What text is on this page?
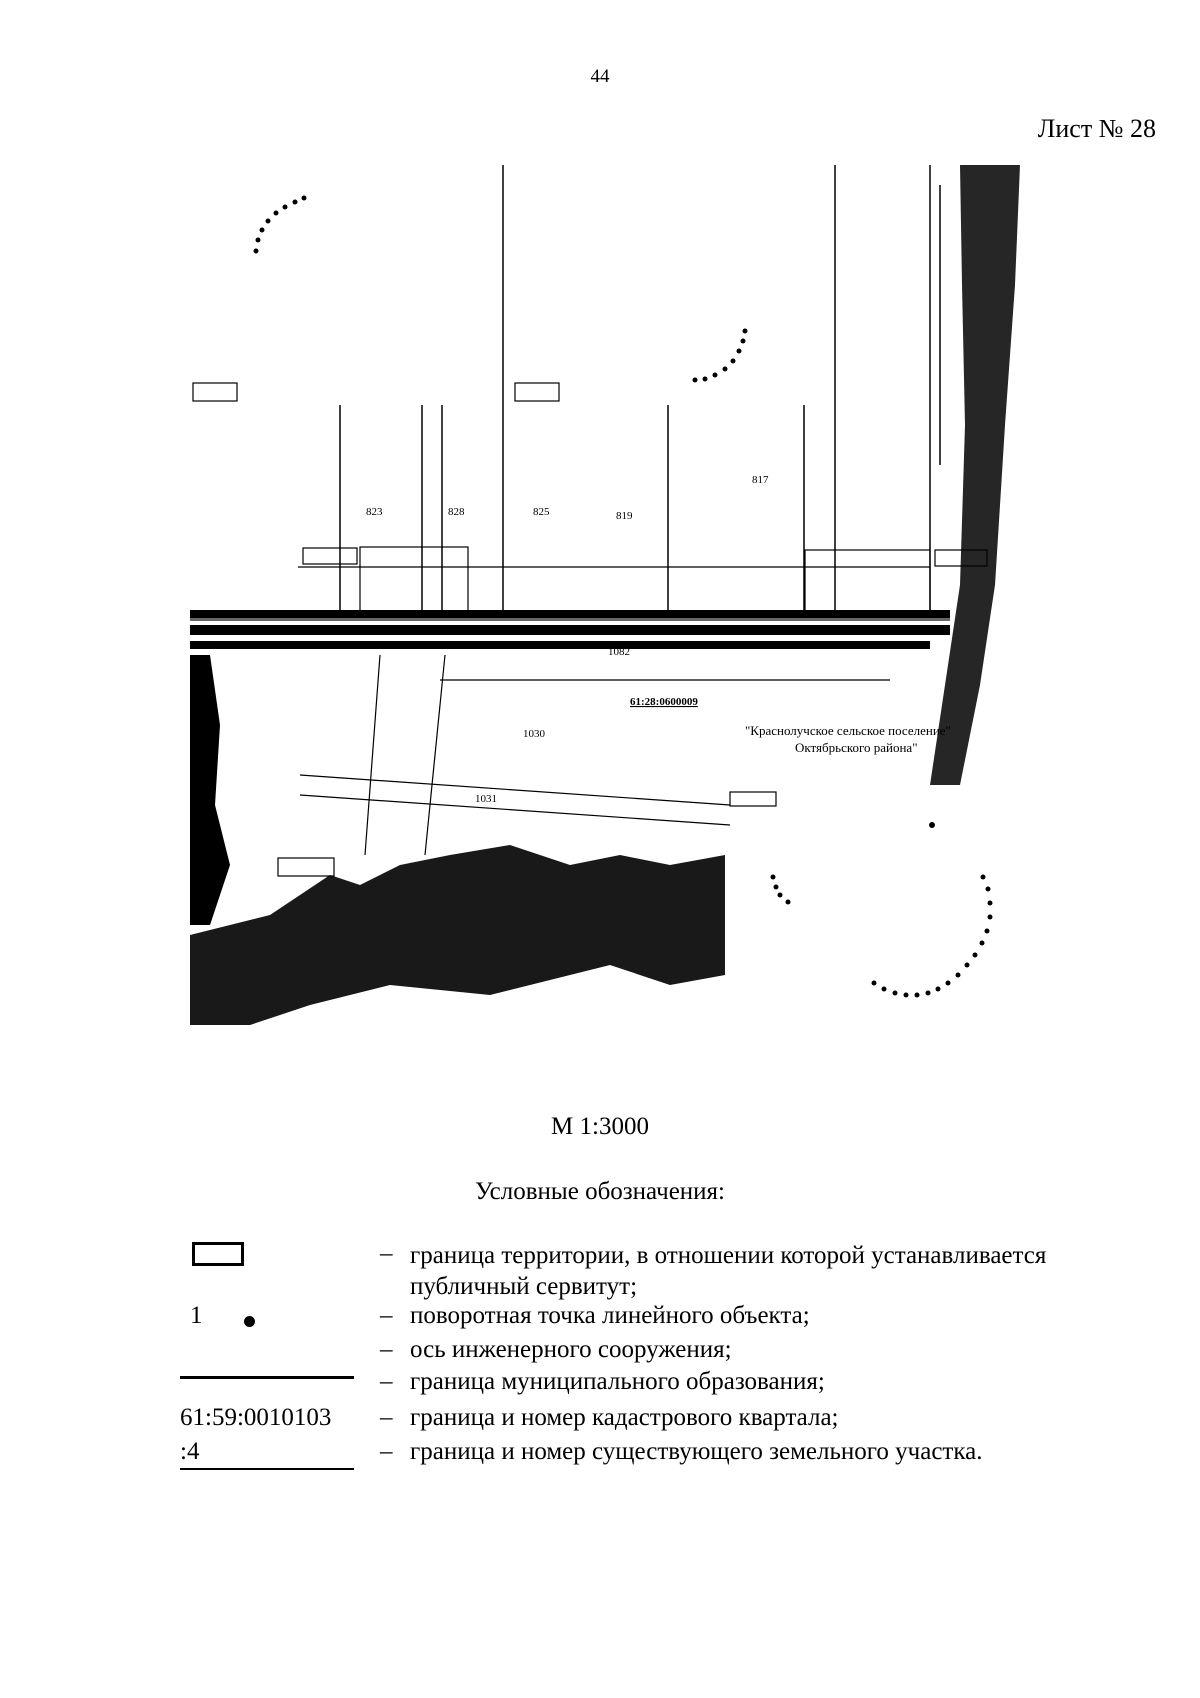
44
Лист № 28
823	828	825	819
817
1082
1030
1031
61:28:0600009
"Краснолучское сельское поселение"
Октябрьского района"
М 1:3000
Условные обозначения:
– граница территории, в отношении которой устанавливается публичный сервитут;
1	– поворотная точка линейного объекта;
– ось инженерного сооружения;
– граница муниципального образования;
61:59:0010103	– граница и номер кадастрового квартала;
:4	– граница и номер существующего земельного участка.
